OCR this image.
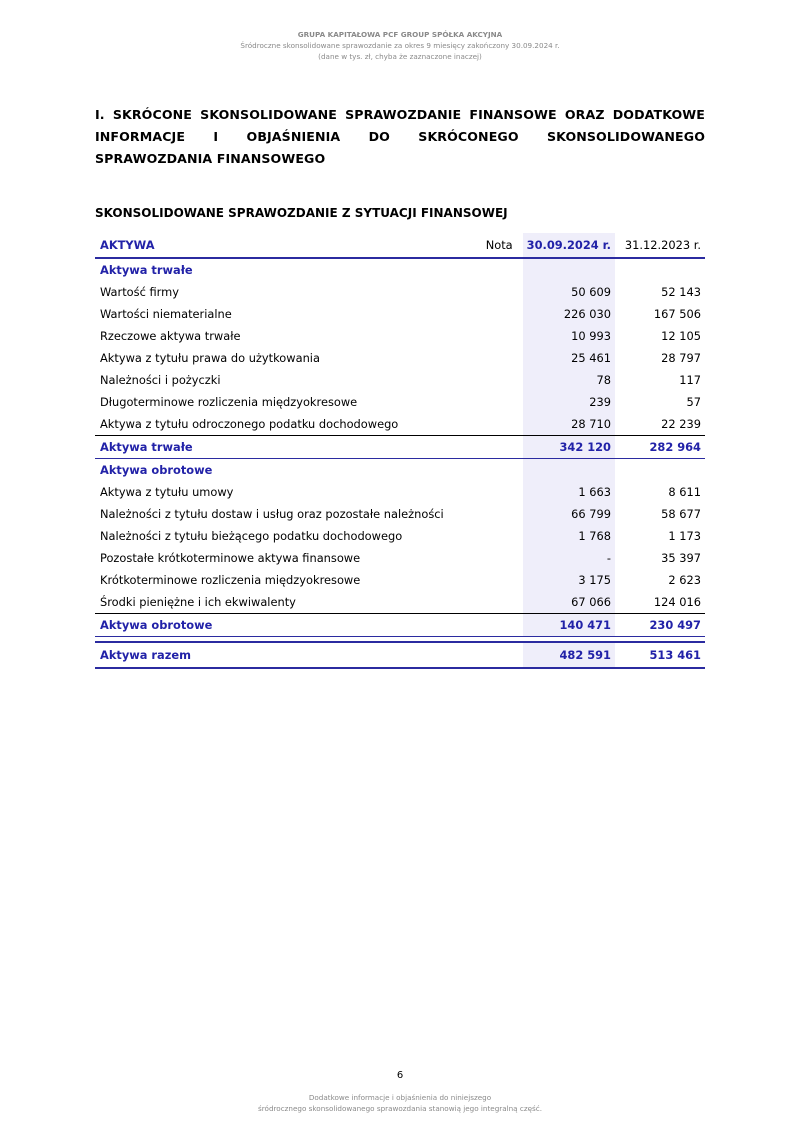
GRUPA KAPITAŁOWA PCF GROUP SPÓŁKA AKCYJNA
Śródroczne skonsolidowane sprawozdanie za okres 9 miesięcy zakończony 30.09.2024 r.
(dane w tys. zł, chyba że zaznaczone inaczej)
I. SKRÓCONE SKONSOLIDOWANE SPRAWOZDANIE FINANSOWE ORAZ DODATKOWE INFORMACJE I OBJAŚNIENIA DO SKRÓCONEGO SKONSOLIDOWANEGO SPRAWOZDANIA FINANSOWEGO
SKONSOLIDOWANE SPRAWOZDANIE Z SYTUACJI FINANSOWEJ
AKTYWA	Nota	30.09.2024 r.	31.12.2023 r.
Aktywa trwałe			
Wartość firmy		50 609	52 143
Wartości niematerialne		226 030	167 506
Rzeczowe aktywa trwałe		10 993	12 105
Aktywa z tytułu prawa do użytkowania		25 461	28 797
Należności i pożyczki		78	117
Długoterminowe rozliczenia międzyokresowe		239	57
Aktywa z tytułu odroczonego podatku dochodowego		28 710	22 239
Aktywa trwałe		342 120	282 964
Aktywa obrotowe			
Aktywa z tytułu umowy		1 663	8 611
Należności z tytułu dostaw i usług oraz pozostałe należności		66 799	58 677
Należności z tytułu bieżącego podatku dochodowego		1 768	1 173
Pozostałe krótkoterminowe aktywa finansowe		-	35 397
Krótkoterminowe rozliczenia międzyokresowe		3 175	2 623
Środki pieniężne i ich ekwiwalenty		67 066	124 016
Aktywa obrotowe		140 471	230 497

Aktywa razem		482 591	513 461
6
Dodatkowe informacje i objaśnienia do niniejszego
śródrocznego skonsolidowanego sprawozdania stanowią jego integralną część.
